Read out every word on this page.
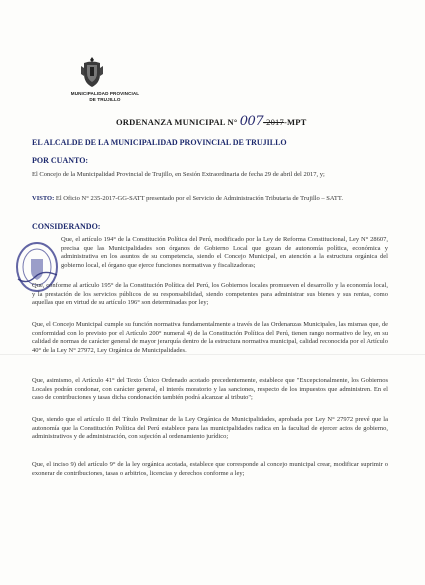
MUNICIPALIDAD PROVINCIAL
DE TRUJILLO
ORDENANZA MUNICIPAL N° 007-2017-MPT
EL ALCALDE DE LA MUNICIPALIDAD PROVINCIAL DE TRUJILLO
POR CUANTO:
El Concejo de la Municipalidad Provincial de Trujillo, en Sesión Extraordinaria de fecha 29 de abril del 2017, y;
VISTO: El Oficio N° 235-2017-GG-SATT presentado por el Servicio de Administración Tributaria de Trujillo – SATT.
CONSIDERANDO:
Que, el artículo 194° de la Constitución Política del Perú, modificado por la Ley de Reforma Constitucional, Ley N° 28607, precisa que las Municipalidades son órganos de Gobierno Local que gozan de autonomía política, económica y administrativa en los asuntos de su competencia, siendo el Concejo Municipal, en atención a la estructura orgánica del gobierno local, el órgano que ejerce funciones normativas y fiscalizadoras;
Que, conforme al artículo 195° de la Constitución Política del Perú, los Gobiernos locales promueven el desarrollo y la economía local, y la prestación de los servicios públicos de su responsabilidad, siendo competentes para administrar sus bienes y sus rentas, como aquellas que en virtud de su artículo 196° son determinadas por ley;
Que, el Concejo Municipal cumple su función normativa fundamentalmente a través de las Ordenanzas Municipales, las mismas que, de conformidad con lo previsto por el Artículo 200° numeral 4) de la Constitución Política del Perú, tienen rango normativo de ley, en su calidad de normas de carácter general de mayor jerarquía dentro de la estructura normativa municipal, calidad reconocida por el Artículo 40° de la Ley N° 27972, Ley Orgánica de Municipalidades.
Que, asimismo, el Artículo 41° del Texto Único Ordenado acotado precedentemente, establece que "Excepcionalmente, los Gobiernos Locales podrán condonar, con carácter general, el interés moratorio y las sanciones, respecto de los impuestos que administren. En el caso de contribuciones y tasas dicha condonación también podrá alcanzar al tributo";
Que, siendo que el artículo II del Título Preliminar de la Ley Orgánica de Municipalidades, aprobada por Ley N° 27972 prevé que la autonomía que la Constitución Política del Perú establece para las municipalidades radica en la facultad de ejercer actos de gobierno, administrativos y de administración, con sujeción al ordenamiento jurídico;
Que, el inciso 9) del artículo 9° de la ley orgánica acotada, establece que corresponde al concejo municipal crear, modificar suprimir o exonerar de contribuciones, tasas o arbitrios, licencias y derechos conforme a ley;
